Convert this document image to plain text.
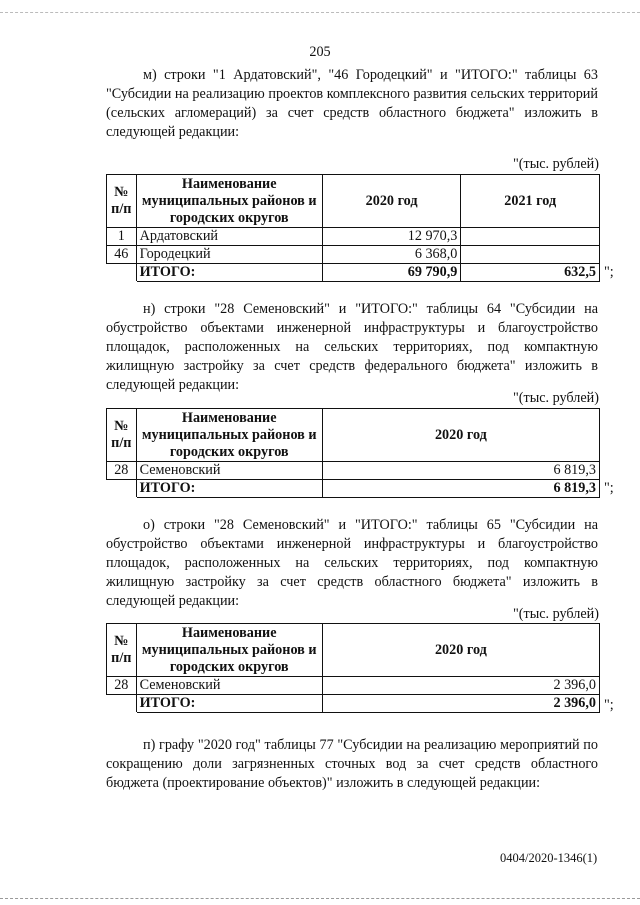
205
м) строки "1 Ардатовский", "46 Городецкий" и "ИТОГО:" таблицы 63 "Субсидии на реализацию проектов комплексного развития сельских территорий (сельских агломераций) за счет средств областного бюджета" изложить в следующей редакции:
"(тыс. рублей)
№ п/п	Наименование муниципальных районов и городских округов	2020 год	2021 год
1	Ардатовский	12 970,3	
46	Городецкий	6 368,0	
	ИТОГО:	69 790,9	632,5 ";
н) строки "28 Семеновский" и "ИТОГО:" таблицы 64 "Субсидии на обустройство объектами инженерной инфраструктуры и благоустройство площадок, расположенных на сельских территориях, под компактную жилищную застройку за счет средств федерального бюджета" изложить в следующей редакции:
"(тыс. рублей)
№ п/п	Наименование муниципальных районов и городских округов	2020 год
28	Семеновский	6 819,3
	ИТОГО:	6 819,3 ";
о) строки "28 Семеновский" и "ИТОГО:" таблицы 65 "Субсидии на обустройство объектами инженерной инфраструктуры и благоустройство площадок, расположенных на сельских территориях, под компактную жилищную застройку за счет средств областного бюджета" изложить в следующей редакции:
"(тыс. рублей)
№ п/п	Наименование муниципальных районов и городских округов	2020 год
28	Семеновский	2 396,0
	ИТОГО:	2 396,0 ";
п) графу "2020 год" таблицы 77 "Субсидии на реализацию мероприятий по сокращению доли загрязненных сточных вод за счет средств областного бюджета (проектирование объектов)" изложить в следующей редакции:
0404/2020-1346(1)
